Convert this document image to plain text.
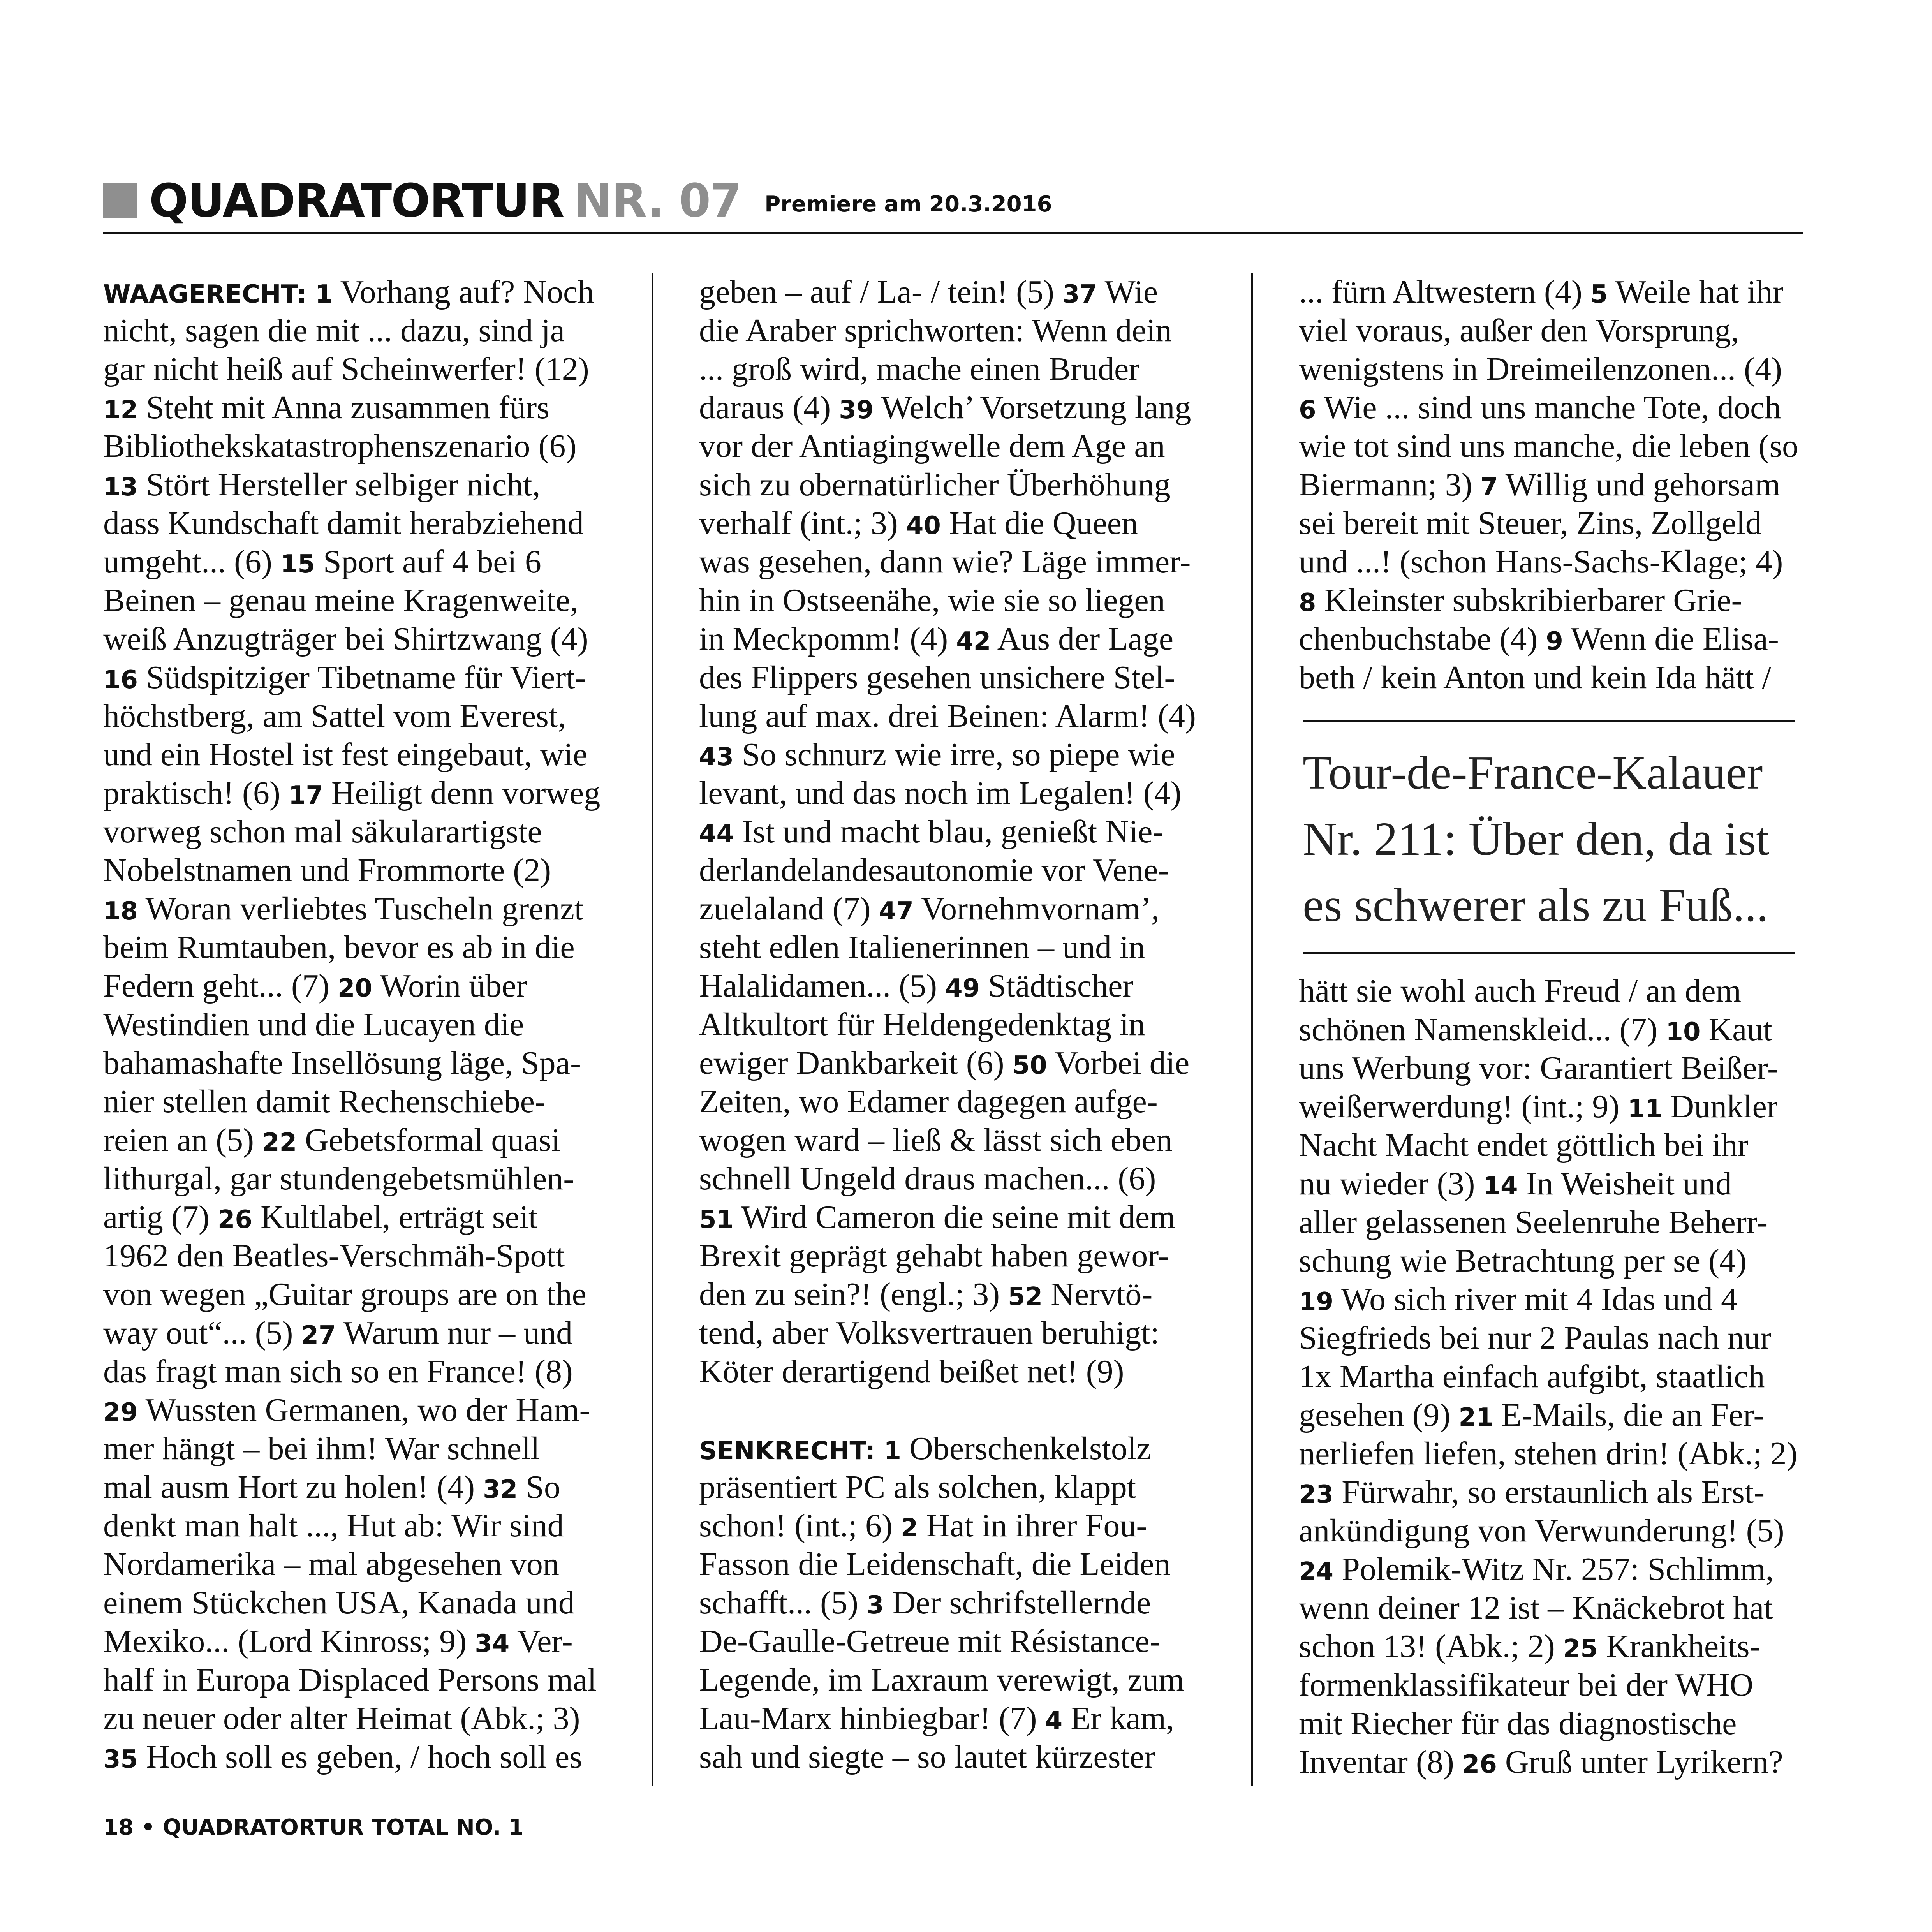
QUADRATORTUR NR. 07 Premiere am 20.3.2016
WAAGERECHT: 1 Vorhang auf? Noch
nicht, sagen die mit ... dazu, sind ja
gar nicht heiß auf Scheinwerfer! (12)
12 Steht mit Anna zusammen fürs
Bibliothekskatastrophenszenario (6)
13 Stört Hersteller selbiger nicht,
dass Kundschaft damit herabziehend
umgeht... (6) 15 Sport auf 4 bei 6
Beinen – genau meine Kragenweite,
weiß Anzugträger bei Shirtzwang (4)
16 Südspitziger Tibetname für Viert-
höchstberg, am Sattel vom Everest,
und ein Hostel ist fest eingebaut, wie
praktisch! (6) 17 Heiligt denn vorweg
vorweg schon mal säkularartigste
Nobelstnamen und Frommorte (2)
18 Woran verliebtes Tuscheln grenzt
beim Rumtauben, bevor es ab in die
Federn geht... (7) 20 Worin über
Westindien und die Lucayen die
bahamashafte Insellösung läge, Spa-
nier stellen damit Rechenschiebe-
reien an (5) 22 Gebetsformal quasi
lithurgal, gar stundengebetsmühlen-
artig (7) 26 Kultlabel, erträgt seit
1962 den Beatles-Verschmäh-Spott
von wegen „Guitar groups are on the
way out“... (5) 27 Warum nur – und
das fragt man sich so en France! (8)
29 Wussten Germanen, wo der Ham-
mer hängt – bei ihm! War schnell
mal ausm Hort zu holen! (4) 32 So
denkt man halt ..., Hut ab: Wir sind
Nordamerika – mal abgesehen von
einem Stückchen USA, Kanada und
Mexiko... (Lord Kinross; 9) 34 Ver-
half in Europa Displaced Persons mal
zu neuer oder alter Heimat (Abk.; 3)
35 Hoch soll es geben, / hoch soll es
geben – auf / La- / tein! (5) 37 Wie
die Araber sprichworten: Wenn dein
... groß wird, mache einen Bruder
daraus (4) 39 Welch’ Vorsetzung lang
vor der Antiagingwelle dem Age an
sich zu obernatürlicher Überhöhung
verhalf (int.; 3) 40 Hat die Queen
was gesehen, dann wie? Läge immer-
hin in Ostseenähe, wie sie so liegen
in Meckpomm! (4) 42 Aus der Lage
des Flippers gesehen unsichere Stel-
lung auf max. drei Beinen: Alarm! (4)
43 So schnurz wie irre, so piepe wie
levant, und das noch im Legalen! (4)
44 Ist und macht blau, genießt Nie-
derlandelandesautonomie vor Vene-
zuelaland (7) 47 Vornehmvornam’,
steht edlen Italienerinnen – und in
Halalidamen... (5) 49 Städtischer
Altkultort für Heldengedenktag in
ewiger Dankbarkeit (6) 50 Vorbei die
Zeiten, wo Edamer dagegen aufge-
wogen ward – ließ & lässt sich eben
schnell Ungeld draus machen... (6)
51 Wird Cameron die seine mit dem
Brexit geprägt gehabt haben gewor-
den zu sein?! (engl.; 3) 52 Nervtö-
tend, aber Volksvertrauen beruhigt:
Köter derartigend beißet net! (9)
SENKRECHT: 1 Oberschenkelstolz
präsentiert PC als solchen, klappt
schon! (int.; 6) 2 Hat in ihrer Fou-
Fasson die Leidenschaft, die Leiden
schafft... (5) 3 Der schrifstellernde
De-Gaulle-Getreue mit Résistance-
Legende, im Laxraum verewigt, zum
Lau-Marx hinbiegbar! (7) 4 Er kam,
sah und siegte – so lautet kürzester
... fürn Altwestern (4) 5 Weile hat ihr
viel voraus, außer den Vorsprung,
wenigstens in Dreimeilenzonen... (4)
6 Wie ... sind uns manche Tote, doch
wie tot sind uns manche, die leben (so
Biermann; 3) 7 Willig und gehorsam
sei bereit mit Steuer, Zins, Zollgeld
und ...! (schon Hans-Sachs-Klage; 4)
8 Kleinster subskribierbarer Grie-
chenbuchstabe (4) 9 Wenn die Elisa-
beth / kein Anton und kein Ida hätt /
Tour-de-France-Kalauer
Nr. 211: Über den, da ist
es schwerer als zu Fuß...
hätt sie wohl auch Freud / an dem
schönen Namenskleid... (7) 10 Kaut
uns Werbung vor: Garantiert Beißer-
weißerwerdung! (int.; 9) 11 Dunkler
Nacht Macht endet göttlich bei ihr
nu wieder (3) 14 In Weisheit und
aller gelassenen Seelenruhe Beherr-
schung wie Betrachtung per se (4)
19 Wo sich river mit 4 Idas und 4
Siegfrieds bei nur 2 Paulas nach nur
1x Martha einfach aufgibt, staatlich
gesehen (9) 21 E-Mails, die an Fer-
nerliefen liefen, stehen drin! (Abk.; 2)
23 Fürwahr, so erstaunlich als Erst-
ankündigung von Verwunderung! (5)
24 Polemik-Witz Nr. 257: Schlimm,
wenn deiner 12 ist – Knäckebrot hat
schon 13! (Abk.; 2) 25 Krankheits-
formenklassifikateur bei der WHO
mit Riecher für das diagnostische
Inventar (8) 26 Gruß unter Lyrikern?
18 • QUADRATORTUR TOTAL NO. 1
